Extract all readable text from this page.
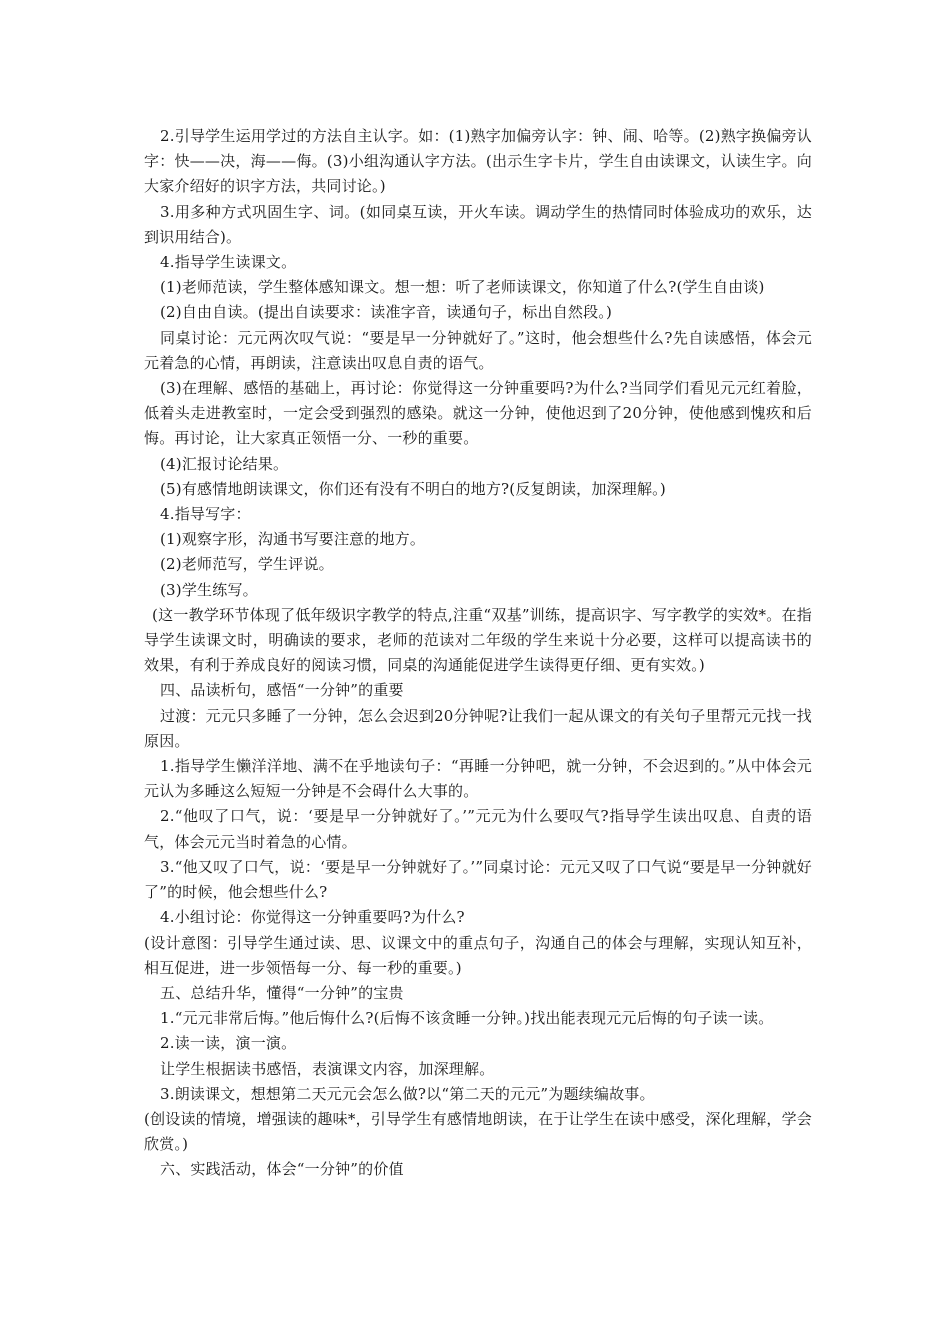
2.引导学生运用学过的方法自主认字。如：(1)熟字加偏旁认字：钟、闹、哈等。(2)熟字换偏旁认字：快——决，海——侮。(3)小组沟通认字方法。(出示生字卡片，学生自由读课文，认读生字。向大家介绍好的识字方法，共同讨论。)

3.用多种方式巩固生字、词。(如同桌互读，开火车读。调动学生的热情同时体验成功的欢乐，达到识用结合)。

4.指导学生读课文。

(1)老师范读，学生整体感知课文。想一想：听了老师读课文，你知道了什么?(学生自由谈)

(2)自由自读。(提出自读要求：读准字音，读通句子，标出自然段。)

同桌讨论：元元两次叹气说：“要是早一分钟就好了。”这时，他会想些什么?先自读感悟，体会元元着急的心情，再朗读，注意读出叹息自责的语气。

(3)在理解、感悟的基础上，再讨论：你觉得这一分钟重要吗?为什么?当同学们看见元元红着脸，低着头走进教室时，一定会受到强烈的感染。就这一分钟，使他迟到了20分钟，使他感到愧疚和后悔。再讨论，让大家真正领悟一分、一秒的重要。

(4)汇报讨论结果。

(5)有感情地朗读课文，你们还有没有不明白的地方?(反复朗读，加深理解。)

4.指导写字：

(1)观察字形，沟通书写要注意的地方。

(2)老师范写，学生评说。

(3)学生练写。

(这一教学环节体现了低年级识字教学的特点,注重“双基”训练，提高识字、写字教学的实效*。在指导学生读课文时，明确读的要求，老师的范读对二年级的学生来说十分必要，这样可以提高读书的效果，有利于养成良好的阅读习惯，同桌的沟通能促进学生读得更仔细、更有实效。)

四、品读析句，感悟“一分钟”的重要

过渡：元元只多睡了一分钟，怎么会迟到20分钟呢?让我们一起从课文的有关句子里帮元元找一找原因。

1.指导学生懒洋洋地、满不在乎地读句子：“再睡一分钟吧，就一分钟，不会迟到的。”从中体会元元认为多睡这么短短一分钟是不会碍什么大事的。

2.“他叹了口气，说：‘要是早一分钟就好了。’”元元为什么要叹气?指导学生读出叹息、自责的语气，体会元元当时着急的心情。

3.“他又叹了口气，说：‘要是早一分钟就好了。’”同桌讨论：元元又叹了口气说“要是早一分钟就好了”的时候，他会想些什么?

4.小组讨论：你觉得这一分钟重要吗?为什么?

(设计意图：引导学生通过读、思、议课文中的重点句子，沟通自己的体会与理解，实现认知互补，相互促进，进一步领悟每一分、每一秒的重要。)

五、总结升华，懂得“一分钟”的宝贵

1.“元元非常后悔。”他后悔什么?(后悔不该贪睡一分钟。)找出能表现元元后悔的句子读一读。

2.读一读，演一演。

让学生根据读书感悟，表演课文内容，加深理解。

3.朗读课文，想想第二天元元会怎么做?以“第二天的元元”为题续编故事。

(创设读的情境，增强读的趣味*，引导学生有感情地朗读，在于让学生在读中感受，深化理解，学会欣赏。)

六、实践活动，体会“一分钟”的价值
